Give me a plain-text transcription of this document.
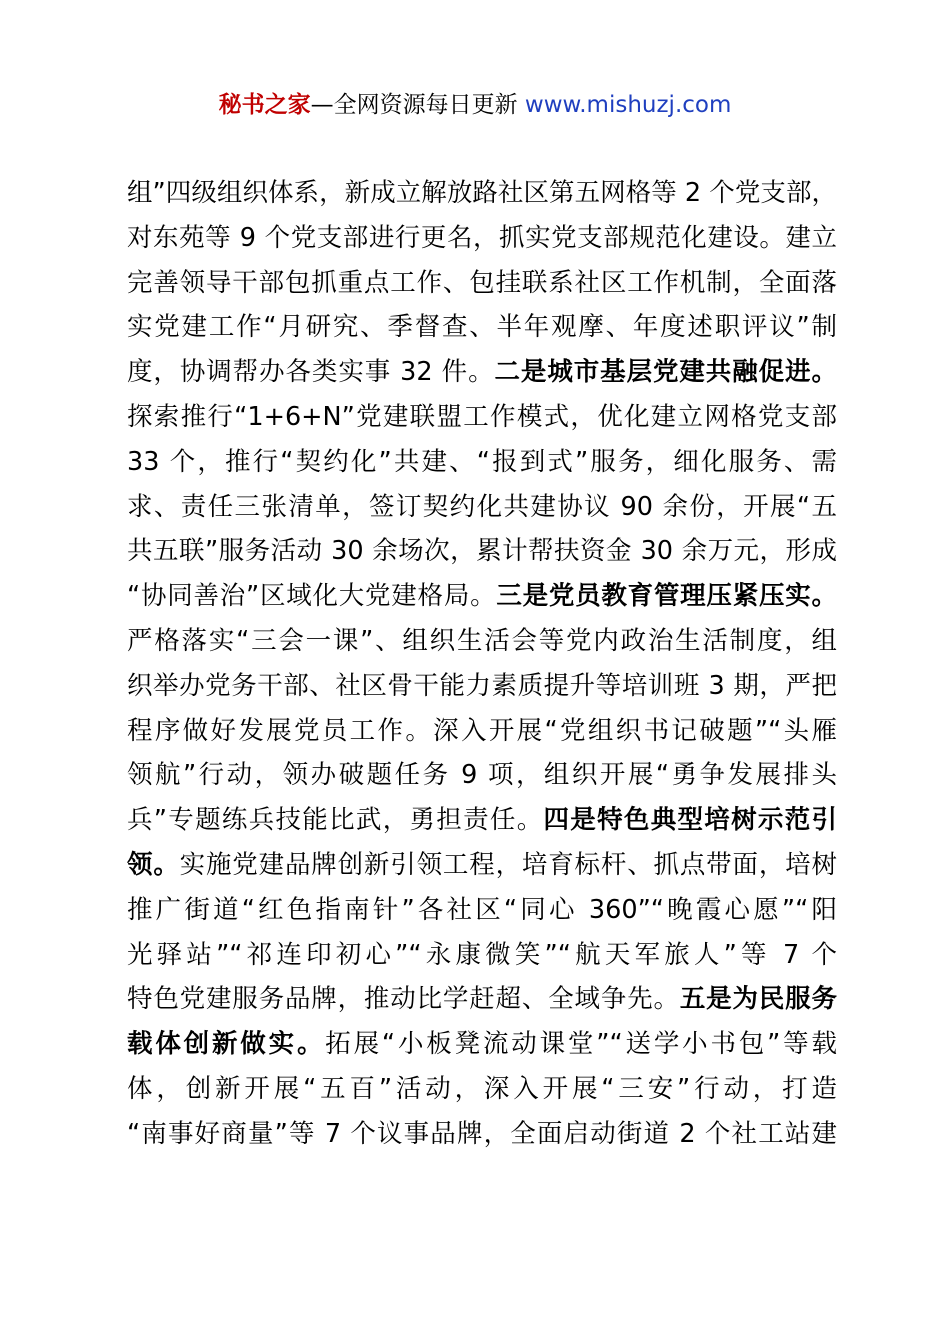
秘书之家—全网资源每日更新 www.mishuzj.com
组”四级组织体系，新成立解放路社区第五网格等 2 个党支部，
对东苑等 9 个党支部进行更名，抓实党支部规范化建设。建立
完善领导干部包抓重点工作、包挂联系社区工作机制，全面落
实党建工作“月研究、季督查、半年观摩、年度述职评议”制
度，协调帮办各类实事 32 件。二是城市基层党建共融促进。
探索推行“1+6+N”党建联盟工作模式，优化建立网格党支部
33 个，推行“契约化”共建、“报到式”服务，细化服务、需
求、责任三张清单，签订契约化共建协议 90 余份，开展“五
共五联”服务活动 30 余场次，累计帮扶资金 30 余万元，形成
“协同善治”区域化大党建格局。三是党员教育管理压紧压实。
严格落实“三会一课”、组织生活会等党内政治生活制度，组
织举办党务干部、社区骨干能力素质提升等培训班 3 期，严把
程序做好发展党员工作。深入开展“党组织书记破题”“头雁
领航”行动，领办破题任务 9 项，组织开展“勇争发展排头
兵”专题练兵技能比武，勇担责任。四是特色典型培树示范引
领。实施党建品牌创新引领工程，培育标杆、抓点带面，培树
推广街道“红色指南针”各社区“同心 360”“晚霞心愿”“阳
光驿站”“祁连印初心”“永康微笑”“航天军旅人”等 7 个
特色党建服务品牌，推动比学赶超、全域争先。五是为民服务
载体创新做实。拓展“小板凳流动课堂”“送学小书包”等载
体，创新开展“五百”活动，深入开展“三安”行动，打造
“南事好商量”等 7 个议事品牌，全面启动街道 2 个社工站建
